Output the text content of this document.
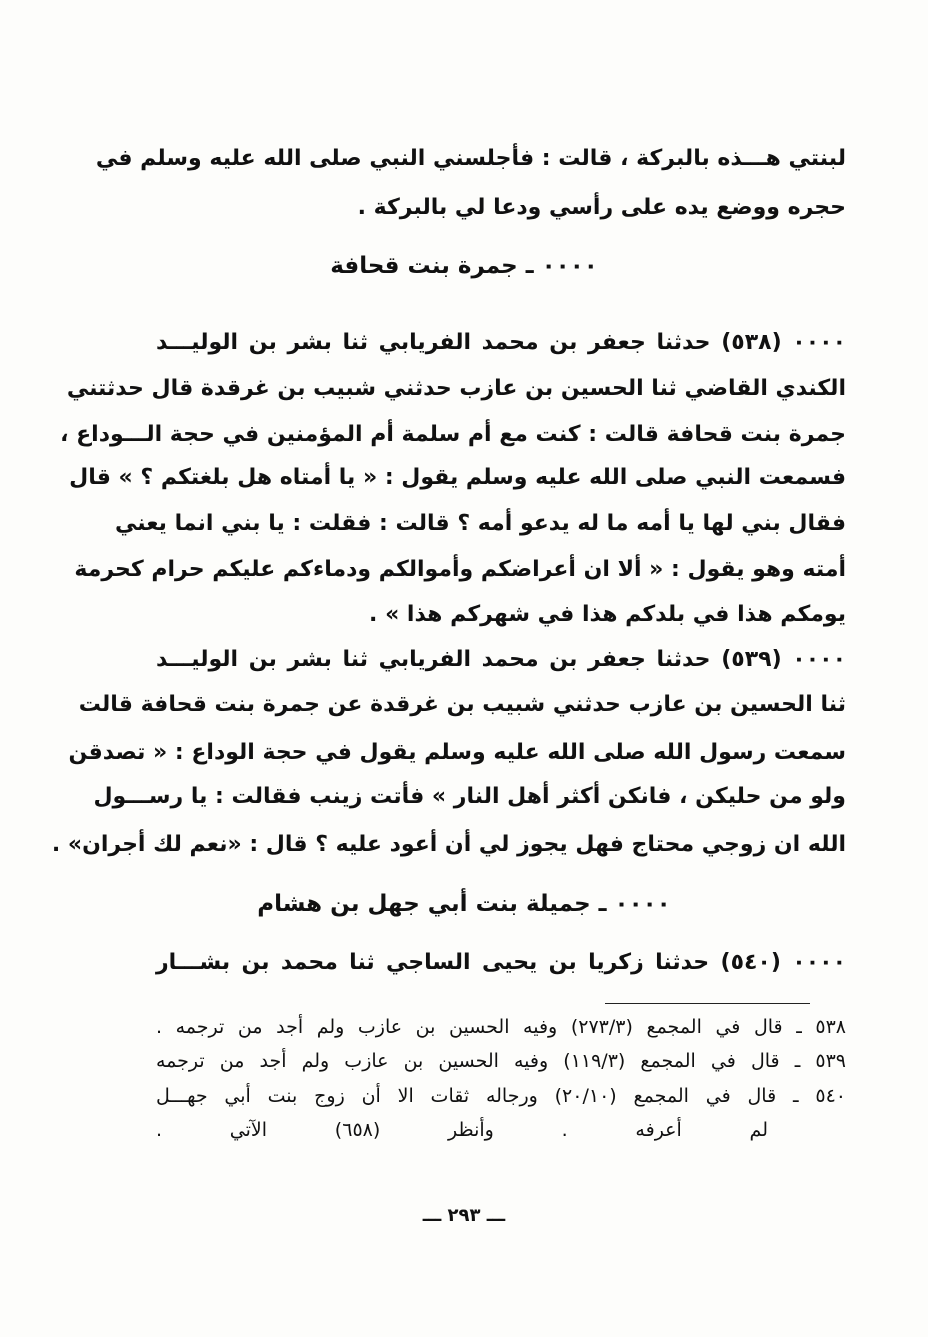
لبنتي هـــذه بالبركة ، قالت : فأجلسني النبي صلى الله عليه وسلم في
حجره ووضع يده على رأسي ودعا لي بالبركة .
٠٠٠٠ ـ جمرة بنت قحافة
٠٠٠٠ (٥٣٨) حدثنا جعفر بن محمد الفريابي ثنا بشر بن الوليـــد
الكندي القاضي ثنا الحسين بن عازب حدثني شبيب بن غرقدة قال حدثتني
جمرة بنت قحافة قالت : كنت مع أم سلمة أم المؤمنين في حجة الـــوداع ،
فسمعت النبي صلى الله عليه وسلم يقول : « يا أمتاه هل بلغتكم ؟ » قال
فقال بني لها يا أمه ما له يدعو أمه ؟ قالت : فقلت : يا بني انما يعني
أمته وهو يقول : « ألا ان أعراضكم وأموالكم ودماءكم عليكم حرام كحرمة
يومكم هذا في بلدكم هذا في شهركم هذا » .
٠٠٠٠ (٥٣٩) حدثنا جعفر بن محمد الفريابي ثنا بشر بن الوليـــد
ثنا الحسين بن عازب حدثني شبيب بن غرقدة عن جمرة بنت قحافة قالت
سمعت رسول الله صلى الله عليه وسلم يقول في حجة الوداع : « تصدقن
ولو من حليكن ، فانكن أكثر أهل النار » فأتت زينب فقالت : يا رســـول
الله ان زوجي محتاج فهل يجوز لي أن أعود عليه ؟ قال : «نعم لك أجران» .
٠٠٠٠ ـ جميلة بنت أبي جهل بن هشام
٠٠٠٠ (٥٤٠) حدثنا زكريا بن يحيى الساجي ثنا محمد بن بشـــار
٥٣٨ ـ قال في المجمع (٢٧٣/٣) وفيه الحسين بن عازب ولم أجد من ترجمه .
٥٣٩ ـ قال في المجمع (١١٩/٣) وفيه الحسين بن عازب ولم أجد من ترجمه
٥٤٠ ـ قال في المجمع (٢٠/١٠) ورجاله ثقات الا أن زوج بنت أبي جهـــل
لم أعرفه . وأنظر (٦٥٨) الآتي .
ـــ ٢٩٣ ـــ
